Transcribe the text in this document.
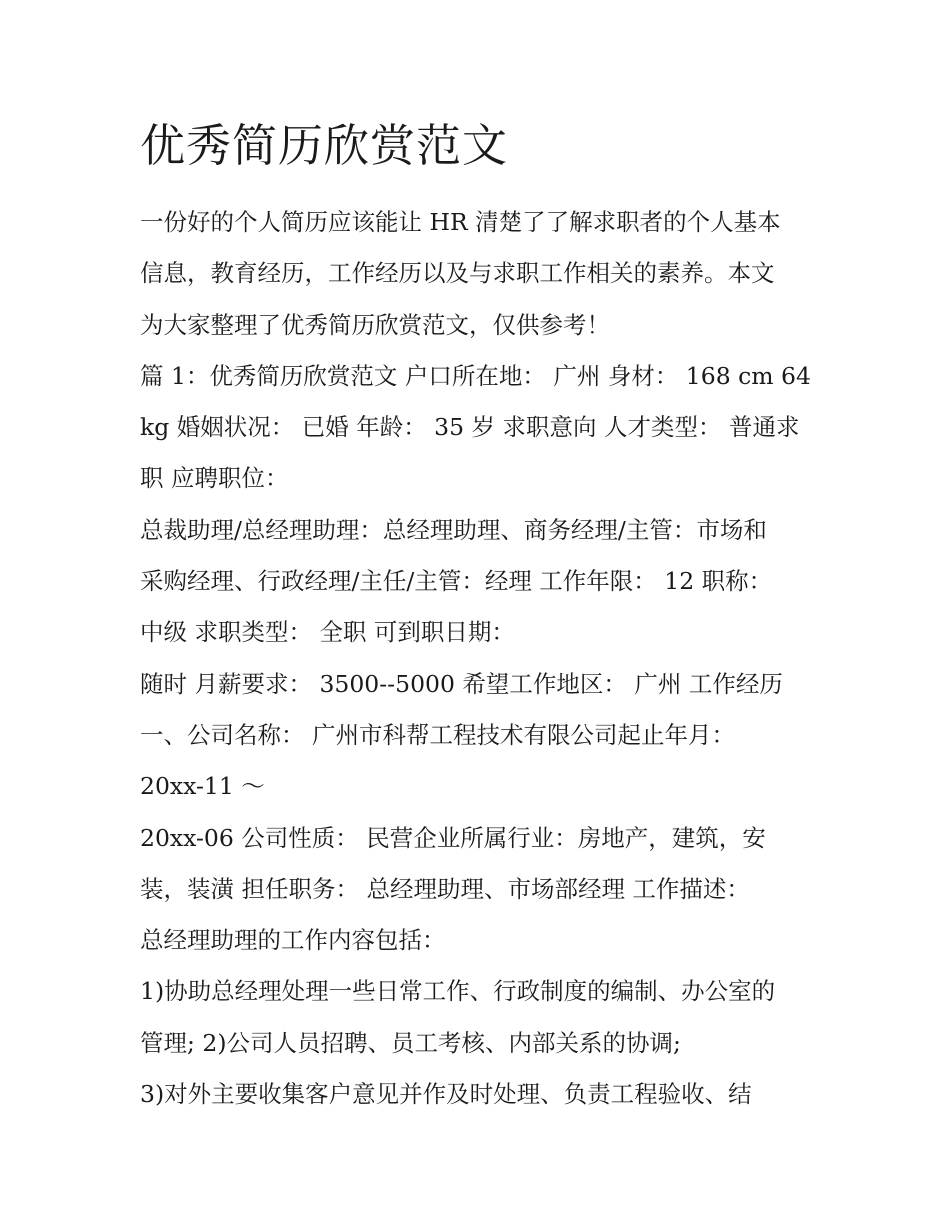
优秀简历欣赏范文
一份好的个人简历应该能让 HR 清楚了了解求职者的个人基本
信息，教育经历，工作经历以及与求职工作相关的素养。本文
为大家整理了优秀简历欣赏范文，仅供参考！
篇 1：优秀简历欣赏范文 户口所在地： 广州 身材： 168 cm 64
kg 婚姻状况： 已婚 年龄： 35 岁 求职意向 人才类型： 普通求
职 应聘职位：
总裁助理/总经理助理：总经理助理、商务经理/主管：市场和
采购经理、行政经理/主任/主管：经理 工作年限： 12 职称：
中级 求职类型： 全职 可到职日期：
随时 月薪要求： 3500--5000 希望工作地区： 广州 工作经历
一、公司名称： 广州市科帮工程技术有限公司起止年月：
20xx-11 ～
20xx-06 公司性质： 民营企业所属行业：房地产，建筑，安
装，装潢 担任职务： 总经理助理、市场部经理 工作描述：
总经理助理的工作内容包括：
1)协助总经理处理一些日常工作、行政制度的编制、办公室的
管理; 2)公司人员招聘、员工考核、内部关系的协调;
3)对外主要收集客户意见并作及时处理、负责工程验收、结
